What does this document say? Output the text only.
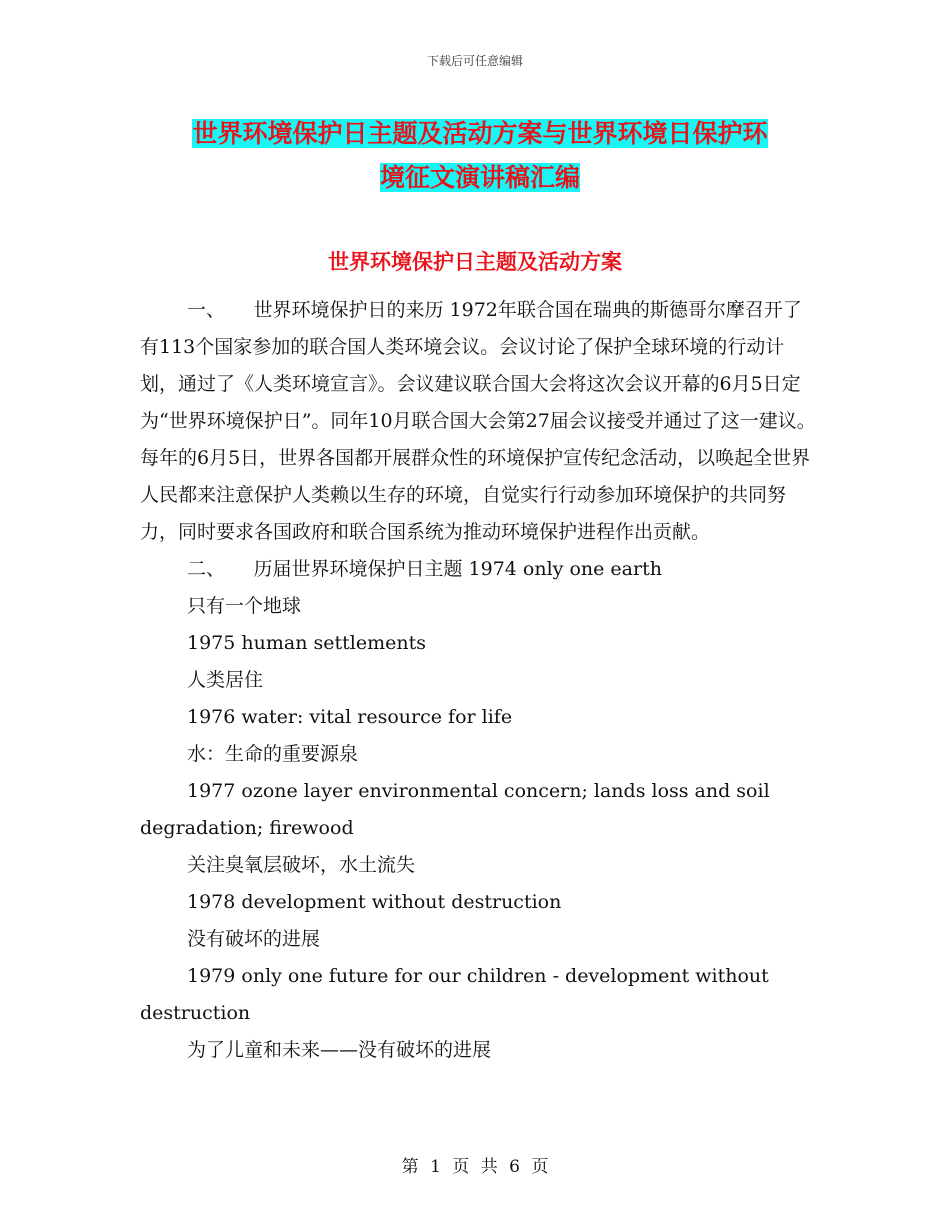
下载后可任意编辑
世界环境保护日主题及活动方案与世界环境日保护环
境征文演讲稿汇编
世界环境保护日主题及活动方案

一、　　世界环境保护日的来历 1972年联合国在瑞典的斯德哥尔摩召开了有113个国家参加的联合国人类环境会议。会议讨论了保护全球环境的行动计划，通过了《人类环境宣言》。会议建议联合国大会将这次会议开幕的6月5日定为“世界环境保护日”。同年10月联合国大会第27届会议接受并通过了这一建议。每年的6月5日，世界各国都开展群众性的环境保护宣传纪念活动，以唤起全世界人民都来注意保护人类赖以生存的环境，自觉实行行动参加环境保护的共同努力，同时要求各国政府和联合国系统为推动环境保护进程作出贡献。

二、　　历届世界环境保护日主题 1974 only one earth

只有一个地球

1975 human settlements

人类居住

1976 water: vital resource for life

水：生命的重要源泉

1977 ozone layer environmental concern; lands loss and soil degradation; firewood

关注臭氧层破坏，水土流失

1978 development without destruction

没有破坏的进展

1979 only one future for our children - development without destruction

为了儿童和未来——没有破坏的进展

第 1 页 共 6 页
